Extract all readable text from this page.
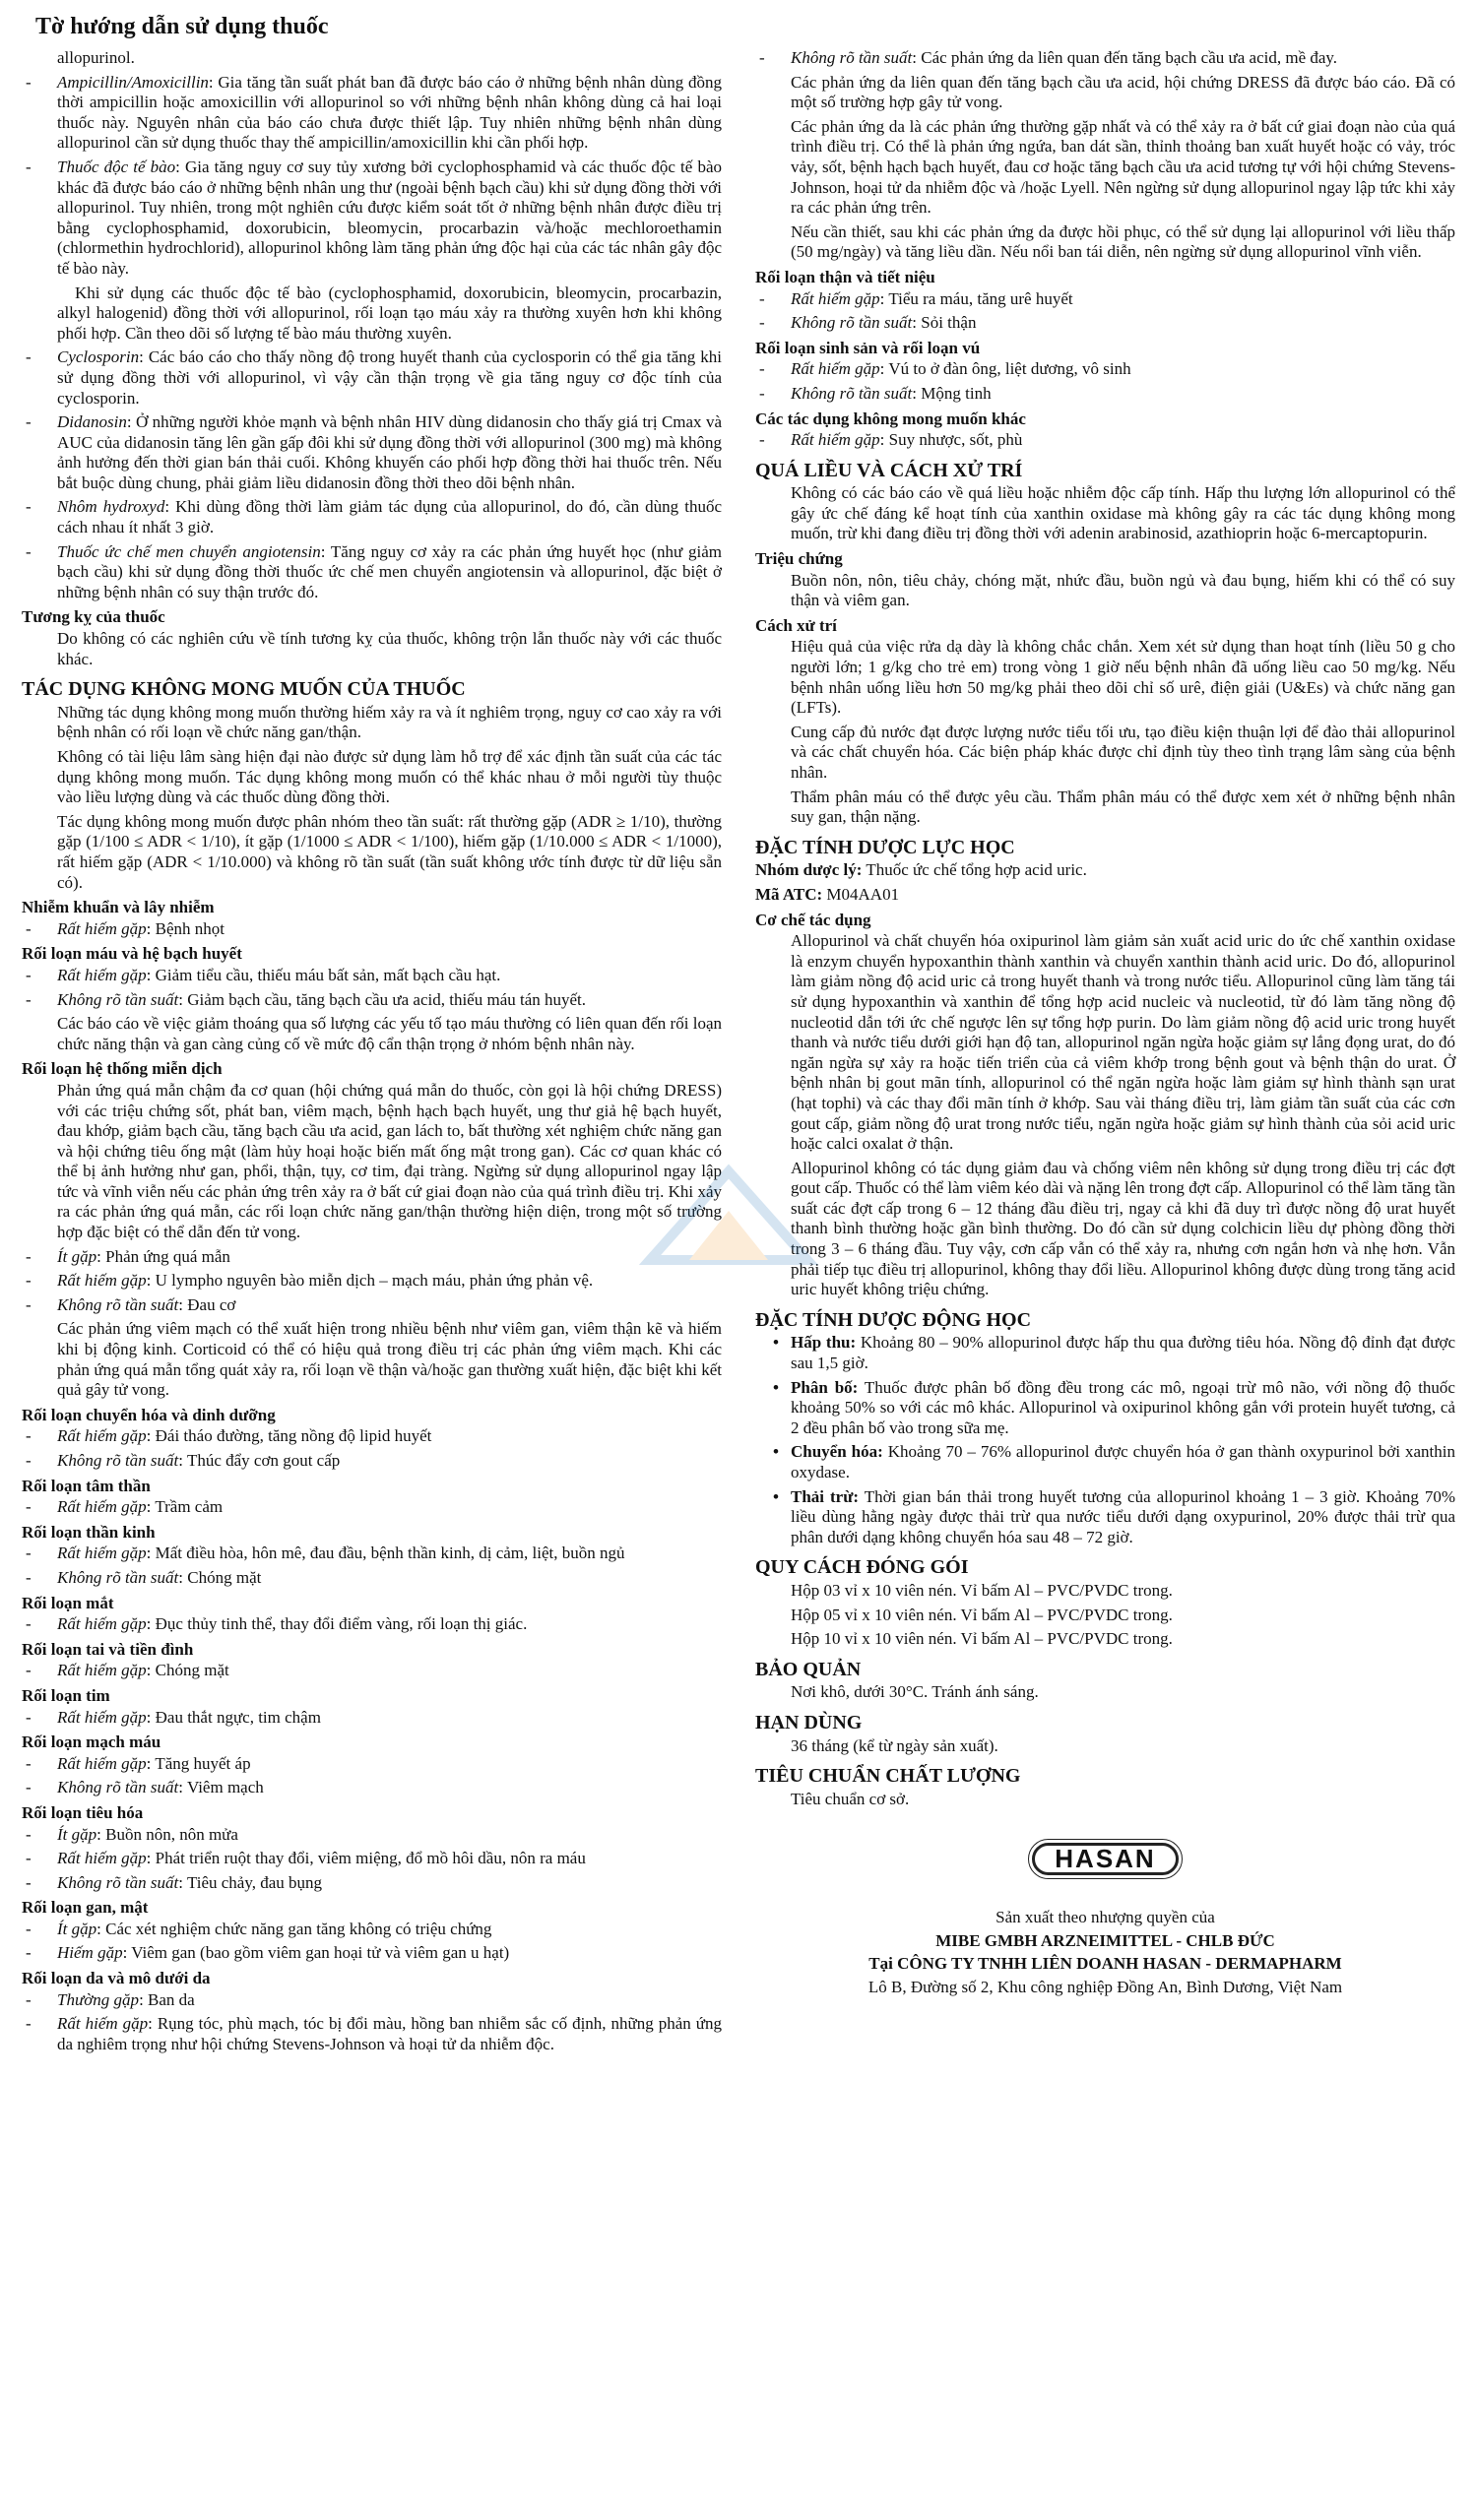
Tờ hướng dẫn sử dụng thuốc

allopurinol.

- Ampicillin/Amoxicillin: Gia tăng tần suất phát ban đã được báo cáo ở những bệnh nhân dùng đồng thời ampicillin hoặc amoxicillin với allopurinol so với những bệnh nhân không dùng cả hai loại thuốc này. Nguyên nhân của báo cáo chưa được thiết lập. Tuy nhiên những bệnh nhân dùng allopurinol cần sử dụng thuốc thay thế ampicillin/amoxicillin khi cần phối hợp.

- Thuốc độc tế bào: Gia tăng nguy cơ suy tủy xương bởi cyclophosphamid và các thuốc độc tế bào khác đã được báo cáo ở những bệnh nhân ung thư (ngoài bệnh bạch cầu) khi sử dụng đồng thời với allopurinol. Tuy nhiên, trong một nghiên cứu được kiểm soát tốt ở những bệnh nhân được điều trị bằng cyclophosphamid, doxorubicin, bleomycin, procarbazin và/hoặc mechloroethamin (chlormethin hydrochlorid), allopurinol không làm tăng phản ứng độc hại của các tác nhân gây độc tế bào này.

Khi sử dụng các thuốc độc tế bào (cyclophosphamid, doxorubicin, bleomycin, procarbazin, alkyl halogenid) đồng thời với allopurinol, rối loạn tạo máu xảy ra thường xuyên hơn khi không phối hợp. Cần theo dõi số lượng tế bào máu thường xuyên.

- Cyclosporin: Các báo cáo cho thấy nồng độ trong huyết thanh của cyclosporin có thể gia tăng khi sử dụng đồng thời với allopurinol, vì vậy cần thận trọng về gia tăng nguy cơ độc tính của cyclosporin.

- Didanosin: Ở những người khỏe mạnh và bệnh nhân HIV dùng didanosin cho thấy giá trị Cmax và AUC của didanosin tăng lên gần gấp đôi khi sử dụng đồng thời với allopurinol (300 mg) mà không ảnh hưởng đến thời gian bán thải cuối. Không khuyến cáo phối hợp đồng thời hai thuốc trên. Nếu bắt buộc dùng chung, phải giảm liều didanosin đồng thời theo dõi bệnh nhân.

- Nhôm hydroxyd: Khi dùng đồng thời làm giảm tác dụng của allopurinol, do đó, cần dùng thuốc cách nhau ít nhất 3 giờ.

- Thuốc ức chế men chuyển angiotensin: Tăng nguy cơ xảy ra các phản ứng huyết học (như giảm bạch cầu) khi sử dụng đồng thời thuốc ức chế men chuyển angiotensin và allopurinol, đặc biệt ở những bệnh nhân có suy thận trước đó.

Tương kỵ của thuốc

Do không có các nghiên cứu về tính tương kỵ của thuốc, không trộn lẫn thuốc này với các thuốc khác.

TÁC DỤNG KHÔNG MONG MUỐN CỦA THUỐC

Những tác dụng không mong muốn thường hiếm xảy ra và ít nghiêm trọng, nguy cơ cao xảy ra với bệnh nhân có rối loạn về chức năng gan/thận.

Không có tài liệu lâm sàng hiện đại nào được sử dụng làm hỗ trợ để xác định tần suất của các tác dụng không mong muốn. Tác dụng không mong muốn có thể khác nhau ở mỗi người tùy thuộc vào liều lượng dùng và các thuốc dùng đồng thời.

Tác dụng không mong muốn được phân nhóm theo tần suất: rất thường gặp (ADR ≥ 1/10), thường gặp (1/100 ≤ ADR < 1/10), ít gặp (1/1000 ≤ ADR < 1/100), hiếm gặp (1/10.000 ≤ ADR < 1/1000), rất hiếm gặp (ADR < 1/10.000) và không rõ tần suất (tần suất không ước tính được từ dữ liệu sẵn có).

Nhiễm khuẩn và lây nhiễm

- Rất hiếm gặp: Bệnh nhọt

Rối loạn máu và hệ bạch huyết

- Rất hiếm gặp: Giảm tiểu cầu, thiếu máu bất sản, mất bạch cầu hạt.

- Không rõ tần suất: Giảm bạch cầu, tăng bạch cầu ưa acid, thiếu máu tán huyết.

Các báo cáo về việc giảm thoáng qua số lượng các yếu tố tạo máu thường có liên quan đến rối loạn chức năng thận và gan càng củng cố về mức độ cẩn thận trọng ở nhóm bệnh nhân này.

Rối loạn hệ thống miễn dịch

Phản ứng quá mẫn chậm đa cơ quan (hội chứng quá mẫn do thuốc, còn gọi là hội chứng DRESS) với các triệu chứng sốt, phát ban, viêm mạch, bệnh hạch bạch huyết, ung thư giả hệ bạch huyết, đau khớp, giảm bạch cầu, tăng bạch cầu ưa acid, gan lách to, bất thường xét nghiệm chức năng gan và hội chứng tiêu ống mật (làm hủy hoại hoặc biến mất ống mật trong gan). Các cơ quan khác có thể bị ảnh hưởng như gan, phổi, thận, tụy, cơ tim, đại tràng. Ngừng sử dụng allopurinol ngay lập tức và vĩnh viễn nếu các phản ứng trên xảy ra ở bất cứ giai đoạn nào của quá trình điều trị. Khi xảy ra các phản ứng quá mẫn, các rối loạn chức năng gan/thận thường hiện diện, trong một số trường hợp đặc biệt có thể dẫn đến tử vong.

- Ít gặp: Phản ứng quá mẫn

- Rất hiếm gặp: U lympho nguyên bào miễn dịch – mạch máu, phản ứng phản vệ.

- Không rõ tần suất: Đau cơ

Các phản ứng viêm mạch có thể xuất hiện trong nhiều bệnh như viêm gan, viêm thận kẽ và hiếm khi bị động kinh. Corticoid có thể có hiệu quả trong điều trị các phản ứng viêm mạch. Khi các phản ứng quá mẫn tổng quát xảy ra, rối loạn về thận và/hoặc gan thường xuất hiện, đặc biệt khi kết quả gây tử vong.

Rối loạn chuyển hóa và dinh dưỡng

- Rất hiếm gặp: Đái tháo đường, tăng nồng độ lipid huyết

- Không rõ tần suất: Thúc đẩy cơn gout cấp

Rối loạn tâm thần

- Rất hiếm gặp: Trầm cảm

Rối loạn thần kinh

- Rất hiếm gặp: Mất điều hòa, hôn mê, đau đầu, bệnh thần kinh, dị cảm, liệt, buồn ngủ

- Không rõ tần suất: Chóng mặt

Rối loạn mắt

- Rất hiếm gặp: Đục thủy tinh thể, thay đổi điểm vàng, rối loạn thị giác.

Rối loạn tai và tiền đình

- Rất hiếm gặp: Chóng mặt

Rối loạn tim

- Rất hiếm gặp: Đau thắt ngực, tim chậm

Rối loạn mạch máu

- Rất hiếm gặp: Tăng huyết áp

- Không rõ tần suất: Viêm mạch

Rối loạn tiêu hóa

- Ít gặp: Buồn nôn, nôn mửa

- Rất hiếm gặp: Phát triển ruột thay đổi, viêm miệng, đổ mồ hôi dầu, nôn ra máu

- Không rõ tần suất: Tiêu chảy, đau bụng

Rối loạn gan, mật

- Ít gặp: Các xét nghiệm chức năng gan tăng không có triệu chứng

- Hiếm gặp: Viêm gan (bao gồm viêm gan hoại tử và viêm gan u hạt)

Rối loạn da và mô dưới da

- Thường gặp: Ban da

- Rất hiếm gặp: Rụng tóc, phù mạch, tóc bị đổi màu, hồng ban nhiễm sắc cố định, những phản ứng da nghiêm trọng như hội chứng Stevens-Johnson và hoại tử da nhiễm độc.

- Không rõ tần suất: Các phản ứng da liên quan đến tăng bạch cầu ưa acid, mề đay.

Các phản ứng da liên quan đến tăng bạch cầu ưa acid, hội chứng DRESS đã được báo cáo. Đã có một số trường hợp gây tử vong.

Các phản ứng da là các phản ứng thường gặp nhất và có thể xảy ra ở bất cứ giai đoạn nào của quá trình điều trị. Có thể là phản ứng ngứa, ban dát sần, thỉnh thoảng ban xuất huyết hoặc có vảy, tróc vảy, sốt, bệnh hạch bạch huyết, đau cơ hoặc tăng bạch cầu ưa acid tương tự với hội chứng Stevens-Johnson, hoại tử da nhiễm độc và /hoặc Lyell. Nên ngừng sử dụng allopurinol ngay lập tức khi xảy ra các phản ứng trên.

Nếu cần thiết, sau khi các phản ứng da được hồi phục, có thể sử dụng lại allopurinol với liều thấp (50 mg/ngày) và tăng liều dần. Nếu nổi ban tái diễn, nên ngừng sử dụng allopurinol vĩnh viễn.

Rối loạn thận và tiết niệu

- Rất hiếm gặp: Tiểu ra máu, tăng urê huyết

- Không rõ tần suất: Sỏi thận

Rối loạn sinh sản và rối loạn vú

- Rất hiếm gặp: Vú to ở đàn ông, liệt dương, vô sinh

- Không rõ tần suất: Mộng tinh

Các tác dụng không mong muốn khác

- Rất hiếm gặp: Suy nhược, sốt, phù

QUÁ LIỀU VÀ CÁCH XỬ TRÍ

Không có các báo cáo về quá liều hoặc nhiễm độc cấp tính. Hấp thu lượng lớn allopurinol có thể gây ức chế đáng kể hoạt tính của xanthin oxidase mà không gây ra các tác dụng không mong muốn, trừ khi đang điều trị đồng thời với adenin arabinosid, azathioprin hoặc 6-mercaptopurin.

Triệu chứng

Buồn nôn, nôn, tiêu chảy, chóng mặt, nhức đầu, buồn ngủ và đau bụng, hiếm khi có thể có suy thận và viêm gan.

Cách xử trí

Hiệu quả của việc rửa dạ dày là không chắc chắn. Xem xét sử dụng than hoạt tính (liều 50 g cho người lớn; 1 g/kg cho trẻ em) trong vòng 1 giờ nếu bệnh nhân đã uống liều cao 50 mg/kg. Nếu bệnh nhân uống liều hơn 50 mg/kg phải theo dõi chỉ số urê, điện giải (U&Es) và chức năng gan (LFTs).

Cung cấp đủ nước đạt được lượng nước tiểu tối ưu, tạo điều kiện thuận lợi để đào thải allopurinol và các chất chuyển hóa. Các biện pháp khác được chỉ định tùy theo tình trạng lâm sàng của bệnh nhân.

Thẩm phân máu có thể được yêu cầu. Thẩm phân máu có thể được xem xét ở những bệnh nhân suy gan, thận nặng.

ĐẶC TÍNH DƯỢC LỰC HỌC

Nhóm dược lý: Thuốc ức chế tổng hợp acid uric.

Mã ATC: M04AA01

Cơ chế tác dụng

Allopurinol và chất chuyển hóa oxipurinol làm giảm sản xuất acid uric do ức chế xanthin oxidase là enzym chuyển hypoxanthin thành xanthin và chuyển xanthin thành acid uric. Do đó, allopurinol làm giảm nồng độ acid uric cả trong huyết thanh và trong nước tiểu. Allopurinol cũng làm tăng tái sử dụng hypoxanthin và xanthin để tổng hợp acid nucleic và nucleotid, từ đó làm tăng nồng độ nucleotid dẫn tới ức chế ngược lên sự tổng hợp purin. Do làm giảm nồng độ acid uric trong huyết thanh và nước tiểu dưới giới hạn độ tan, allopurinol ngăn ngừa hoặc giảm sự lắng đọng urat, do đó ngăn ngừa sự xảy ra hoặc tiến triển của cả viêm khớp trong bệnh gout và bệnh thận do urat. Ở bệnh nhân bị gout mãn tính, allopurinol có thể ngăn ngừa hoặc làm giảm sự hình thành sạn urat (hạt tophi) và các thay đổi mãn tính ở khớp. Sau vài tháng điều trị, làm giảm tần suất của các cơn gout cấp, giảm nồng độ urat trong nước tiểu, ngăn ngừa hoặc giảm sự hình thành của sỏi acid uric hoặc calci oxalat ở thận.

Allopurinol không có tác dụng giảm đau và chống viêm nên không sử dụng trong điều trị các đợt gout cấp. Thuốc có thể làm viêm kéo dài và nặng lên trong đợt cấp. Allopurinol có thể làm tăng tần suất các đợt cấp trong 6 – 12 tháng đầu điều trị, ngay cả khi đã duy trì được nồng độ urat huyết thanh bình thường hoặc gần bình thường. Do đó cần sử dụng colchicin liều dự phòng đồng thời trong 3 – 6 tháng đầu. Tuy vậy, cơn cấp vẫn có thể xảy ra, nhưng cơn ngắn hơn và nhẹ hơn. Vẫn phải tiếp tục điều trị allopurinol, không thay đổi liều. Allopurinol không được dùng trong tăng acid uric huyết không triệu chứng.

ĐẶC TÍNH DƯỢC ĐỘNG HỌC

• Hấp thu: Khoảng 80 – 90% allopurinol được hấp thu qua đường tiêu hóa. Nồng độ đỉnh đạt được sau 1,5 giờ.

• Phân bố: Thuốc được phân bố đồng đều trong các mô, ngoại trừ mô não, với nồng độ thuốc khoảng 50% so với các mô khác. Allopurinol và oxipurinol không gắn với protein huyết tương, cả 2 đều phân bố vào trong sữa mẹ.

• Chuyển hóa: Khoảng 70 – 76% allopurinol được chuyển hóa ở gan thành oxypurinol bởi xanthin oxydase.

• Thải trừ: Thời gian bán thải trong huyết tương của allopurinol khoảng 1 – 3 giờ. Khoảng 70% liều dùng hằng ngày được thải trừ qua nước tiểu dưới dạng oxypurinol, 20% được thải trừ qua phân dưới dạng không chuyển hóa sau 48 – 72 giờ.

QUY CÁCH ĐÓNG GÓI

Hộp 03 vỉ x 10 viên nén. Vỉ bấm Al – PVC/PVDC trong.

Hộp 05 vỉ x 10 viên nén. Vỉ bấm Al – PVC/PVDC trong.

Hộp 10 vỉ x 10 viên nén. Vỉ bấm Al – PVC/PVDC trong.

BẢO QUẢN

Nơi khô, dưới 30°C. Tránh ánh sáng.

HẠN DÙNG

36 tháng (kể từ ngày sản xuất).

TIÊU CHUẨN CHẤT LƯỢNG

Tiêu chuẩn cơ sở.

HASAN
Sản xuất theo nhượng quyền của
MIBE GMBH ARZNEIMITTEL - CHLB ĐỨC
Tại CÔNG TY TNHH LIÊN DOANH HASAN - DERMAPHARM
Lô B, Đường số 2, Khu công nghiệp Đồng An, Bình Dương, Việt Nam
